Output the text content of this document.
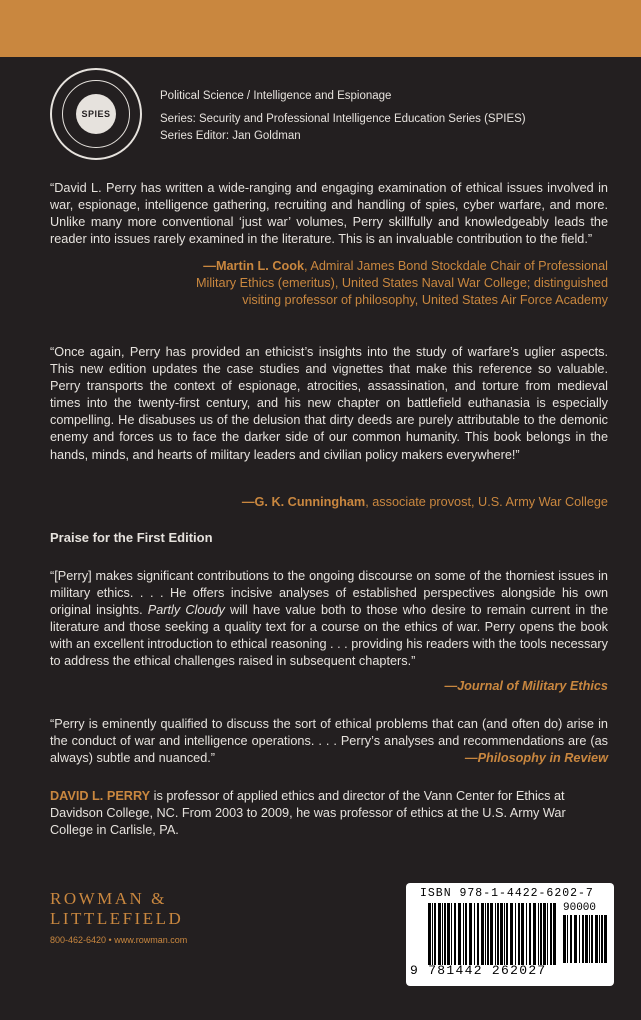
SPIES
Political Science / Intelligence and Espionage
Series: Security and Professional Intelligence Education Series (SPIES)
Series Editor: Jan Goldman
“David L. Perry has written a wide-ranging and engaging examination of ethical issues involved in war, espionage, intelligence gathering, recruiting and handling of spies, cyber warfare, and more. Unlike many more conventional ‘just war’ volumes, Perry skillfully and knowledgeably leads the reader into issues rarely examined in the literature. This is an invaluable contribution to the field.”
—Martin L. Cook, Admiral James Bond Stockdale Chair of Professional
Military Ethics (emeritus), United States Naval War College; distinguished
visiting professor of philosophy, United States Air Force Academy
“Once again, Perry has provided an ethicist’s insights into the study of warfare’s uglier aspects. This new edition updates the case studies and vignettes that make this reference so valuable. Perry transports the context of espionage, atrocities, assassination, and torture from medieval times into the twenty-first century, and his new chapter on battlefield euthanasia is especially compelling. He disabuses us of the delusion that dirty deeds are purely attributable to the demonic enemy and forces us to face the darker side of our common humanity. This book belongs in the hands, minds, and hearts of military leaders and civilian policy makers everywhere!”
—G. K. Cunningham, associate provost, U.S. Army War College
Praise for the First Edition
“[Perry] makes significant contributions to the ongoing discourse on some of the thorniest issues in military ethics. . . . He offers incisive analyses of established perspectives alongside his own original insights. Partly Cloudy will have value both to those who desire to remain current in the literature and those seeking a quality text for a course on the ethics of war. Perry opens the book with an excellent introduction to ethical reasoning . . . providing his readers with the tools necessary to address the ethical challenges raised in subsequent chapters.”
—Journal of Military Ethics
“Perry is eminently qualified to discuss the sort of ethical problems that can (and often do) arise in the conduct of war and intelligence operations. . . . Perry’s analyses and recommendations are (as always) subtle and nuanced.”	—Philosophy in Review
DAVID L. PERRY is professor of applied ethics and director of the Vann Center for Ethics at Davidson College, NC. From 2003 to 2009, he was professor of ethics at the U.S. Army War College in Carlisle, PA.
ROWMAN &
LITTLEFIELD
800-462-6420 • www.rowman.com
ISBN 978-1-4422-6202-7
90000
9 781442 262027
